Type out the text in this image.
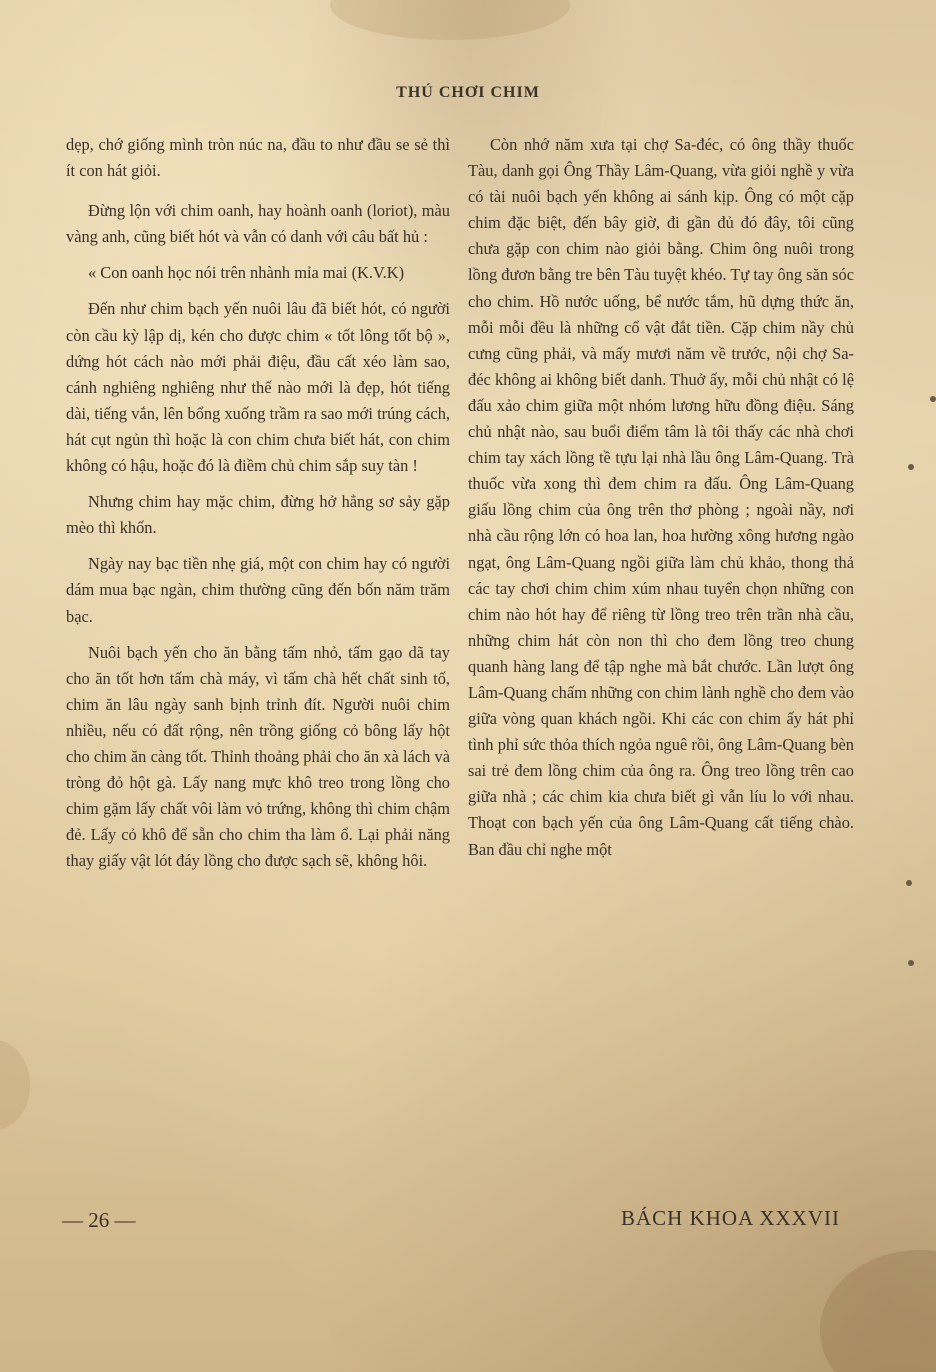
THÚ CHƠI CHIM

dẹp, chớ giống mình tròn núc na, đầu to như đầu se sẻ thì ít con hát giỏi.

Đừng lộn với chim oanh, hay hoành oanh (loriot), màu vàng anh, cũng biết hót và vẫn có danh với câu bất hủ :

« Con oanh học nói trên nhành mỉa mai (K.V.K)

Đến như chim bạch yến nuôi lâu đã biết hót, có người còn cầu kỳ lập dị, kén cho được chim « tốt lông tốt bộ », dứng hót cách nào mới phải điệu, đầu cất xéo làm sao, cánh nghiêng nghiêng như thế nào mới là đẹp, hót tiếng dài, tiếng vắn, lên bổng xuống trầm ra sao mới trúng cách, hát cụt ngủn thì hoặc là con chim chưa biết hát, con chim không có hậu, hoặc đó là điềm chủ chim sắp suy tàn !

Nhưng chim hay mặc chim, đừng hở hẳng sơ sảy gặp mèo thì khốn.

Ngày nay bạc tiền nhẹ giá, một con chim hay có người dám mua bạc ngàn, chim thường cũng đến bốn năm trăm bạc.

Nuôi bạch yến cho ăn bằng tấm nhỏ, tấm gạo dã tay cho ăn tốt hơn tấm chà máy, vì tấm chà hết chất sinh tố, chim ăn lâu ngày sanh bịnh trỉnh đít. Người nuôi chim nhiều, nếu có đất rộng, nên trồng giống cỏ bông lấy hột cho chim ăn càng tốt. Thỉnh thoảng phải cho ăn xà lách và tròng đỏ hột gà. Lấy nang mực khô treo trong lồng cho chim gặm lấy chất vôi làm vỏ trứng, không thì chim chậm đẻ. Lấy cỏ khô để sẵn cho chim tha làm ổ. Lại phải năng thay giấy vật lót đáy lồng cho được sạch sẽ, không hôi.

Còn nhớ năm xưa tại chợ Sa-đéc, có ông thầy thuốc Tàu, danh gọi Ông Thầy Lâm-Quang, vừa giỏi nghề y vừa có tài nuôi bạch yến không ai sánh kịp. Ông có một cặp chim đặc biệt, đến bây giờ, đi gần đủ đó đây, tôi cũng chưa gặp con chim nào giỏi bằng. Chim ông nuôi trong lồng đươn bằng tre bên Tàu tuyệt khéo. Tự tay ông săn sóc cho chim. Hồ nước uống, bể nước tắm, hũ dựng thức ăn, mỗi mỗi đều là những cổ vật đắt tiền. Cặp chim nầy chủ cưng cũng phải, và mấy mươi năm về trước, nội chợ Sa-đéc không ai không biết danh. Thuở ấy, mỗi chủ nhật có lệ đấu xảo chim giữa một nhóm lương hữu đồng điệu. Sáng chủ nhật nào, sau buổi điểm tâm là tôi thấy các nhà chơi chim tay xách lồng tề tựu lại nhà lầu ông Lâm-Quang. Trà thuốc vừa xong thì đem chim ra đấu. Ông Lâm-Quang giấu lồng chim của ông trên thơ phòng ; ngoài nầy, nơi nhà cầu rộng lớn có hoa lan, hoa hường xông hương ngào ngạt, ông Lâm-Quang ngồi giữa làm chủ khảo, thong thả các tay chơi chim chim xúm nhau tuyển chọn những con chim nào hót hay để riêng từ lồng treo trên trần nhà cầu, những chim hát còn non thì cho đem lồng treo chung quanh hàng lang để tập nghe mà bắt chước. Lần lượt ông Lâm-Quang chấm những con chim lành nghề cho đem vào giữa vòng quan khách ngồi. Khi các con chim ấy hát phỉ tình phỉ sức thỏa thích ngỏa nguê rồi, ông Lâm-Quang bèn sai trẻ đem lồng chim của ông ra. Ông treo lồng trên cao giữa nhà ; các chim kia chưa biết gì vẫn líu lo với nhau. Thoạt con bạch yến của ông Lâm-Quang cất tiếng chào. Ban đầu chỉ nghe một

— 26 —	BÁCH KHOA XXXVII
